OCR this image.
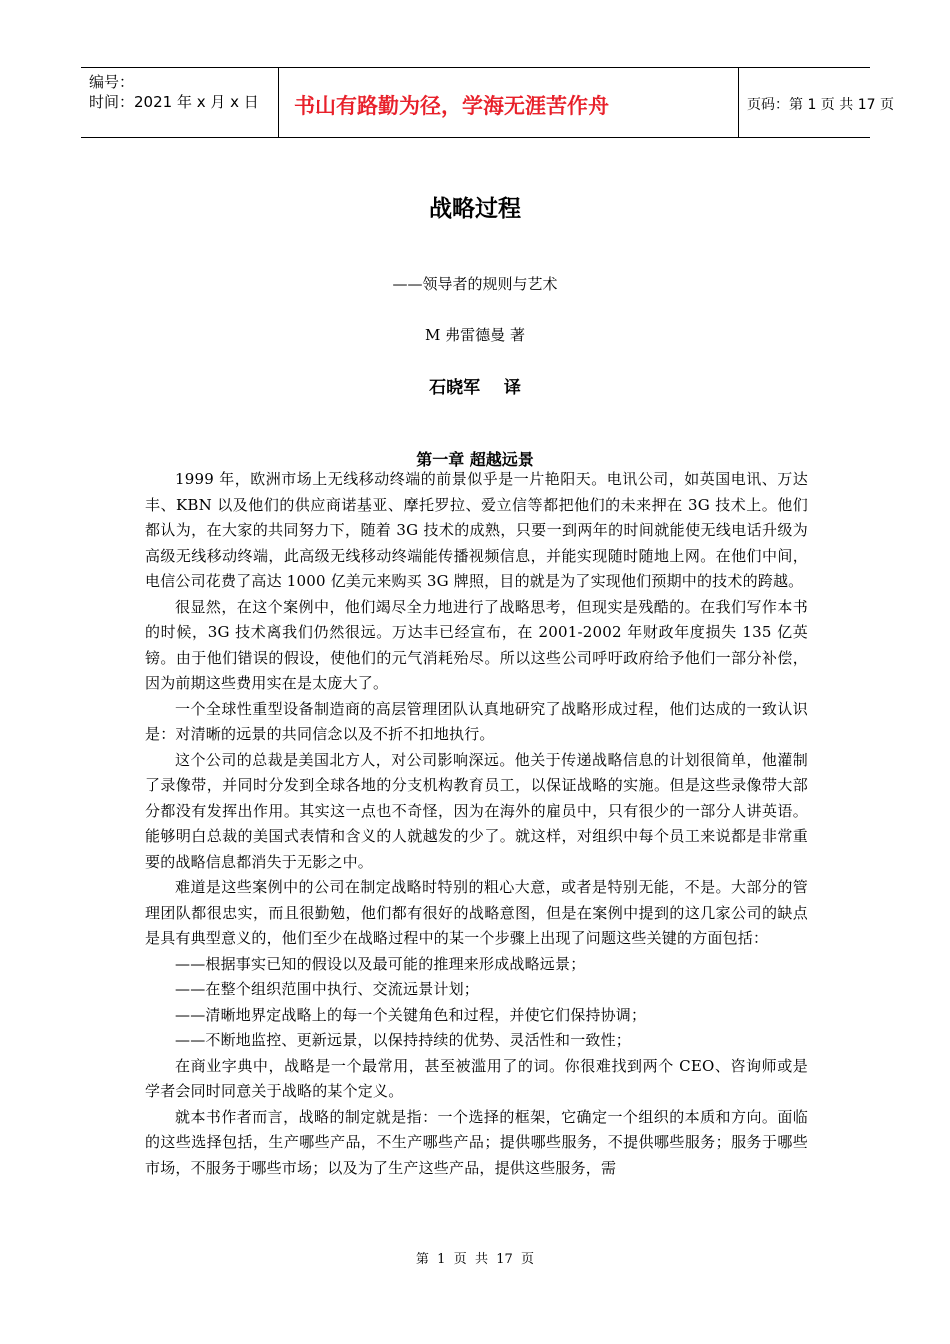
编号：
时间：2021 年 x 月 x 日 书山有路勤为径，学海无涯苦作舟	页码：第 1 页 共 17 页
战略过程
——领导者的规则与艺术
M 弗雷德曼 著
石晓军    译
第一章 超越远景

1999 年，欧洲市场上无线移动终端的前景似乎是一片艳阳天。电讯公司，如英国电讯、万达丰、KBN 以及他们的供应商诺基亚、摩托罗拉、爱立信等都把他们的未来押在 3G 技术上。他们都认为，在大家的共同努力下，随着 3G 技术的成熟，只要一到两年的时间就能使无线电话升级为高级无线移动终端，此高级无线移动终端能传播视频信息，并能实现随时随地上网。在他们中间，电信公司花费了高达 1000 亿美元来购买 3G 牌照，目的就是为了实现他们预期中的技术的跨越。

很显然，在这个案例中，他们竭尽全力地进行了战略思考，但现实是残酷的。在我们写作本书的时候，3G 技术离我们仍然很远。万达丰已经宣布，在 2001-2002 年财政年度损失 135 亿英镑。由于他们错误的假设，使他们的元气消耗殆尽。所以这些公司呼吁政府给予他们一部分补偿，因为前期这些费用实在是太庞大了。

一个全球性重型设备制造商的高层管理团队认真地研究了战略形成过程，他们达成的一致认识是：对清晰的远景的共同信念以及不折不扣地执行。

这个公司的总裁是美国北方人，对公司影响深远。他关于传递战略信息的计划很简单，他灌制了录像带，并同时分发到全球各地的分支机构教育员工，以保证战略的实施。但是这些录像带大部分都没有发挥出作用。其实这一点也不奇怪，因为在海外的雇员中，只有很少的一部分人讲英语。能够明白总裁的美国式表情和含义的人就越发的少了。就这样，对组织中每个员工来说都是非常重要的战略信息都消失于无影之中。

难道是这些案例中的公司在制定战略时特别的粗心大意，或者是特别无能，不是。大部分的管理团队都很忠实，而且很勤勉，他们都有很好的战略意图，但是在案例中提到的这几家公司的缺点是具有典型意义的，他们至少在战略过程中的某一个步骤上出现了问题这些关键的方面包括：

——根据事实已知的假设以及最可能的推理来形成战略远景；

——在整个组织范围中执行、交流远景计划；

——清晰地界定战略上的每一个关键角色和过程，并使它们保持协调；

——不断地监控、更新远景，以保持持续的优势、灵活性和一致性；

在商业字典中，战略是一个最常用，甚至被滥用了的词。你很难找到两个 CEO、咨询师或是学者会同时同意关于战略的某个定义。

就本书作者而言，战略的制定就是指：一个选择的框架，它确定一个组织的本质和方向。面临的这些选择包括，生产哪些产品，不生产哪些产品；提供哪些服务，不提供哪些服务；服务于哪些市场，不服务于哪些市场；以及为了生产这些产品，提供这些服务，需

第  1  页  共  17  页
